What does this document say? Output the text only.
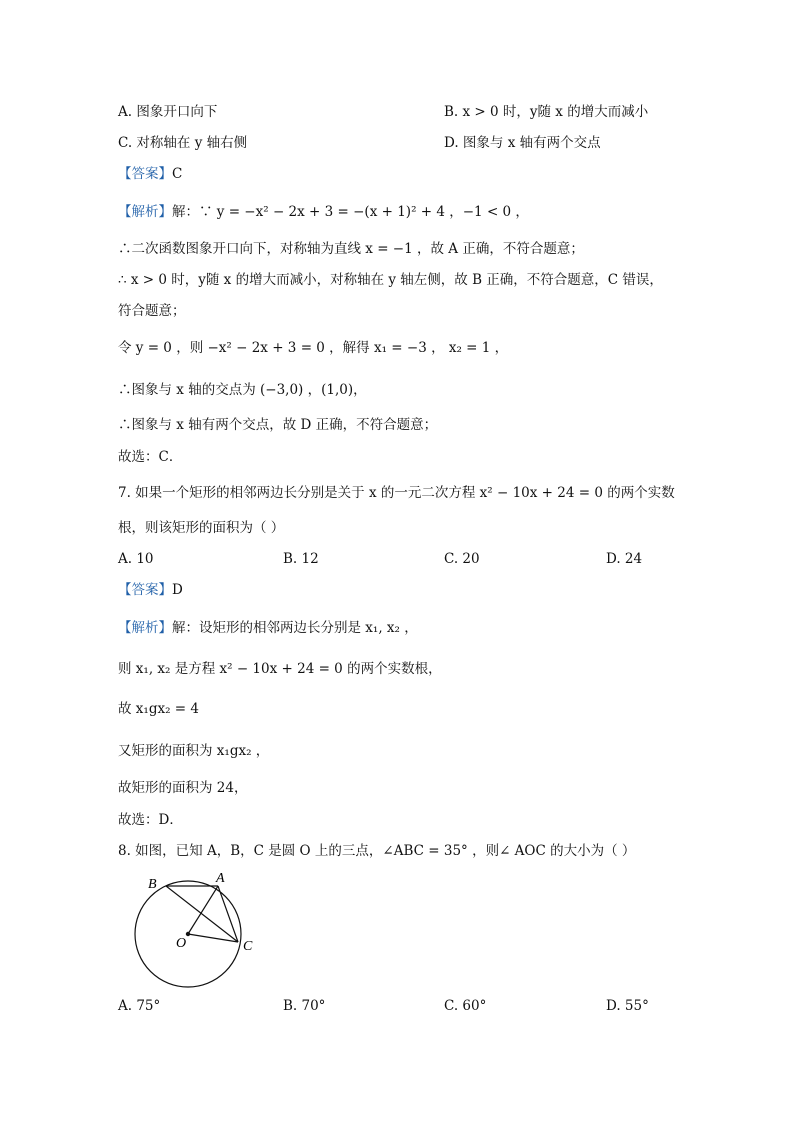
A. 图象开口向下	B. x > 0 时，y随 x 的增大而减小
C. 对称轴在 y 轴右侧	D. 图象与 x 轴有两个交点
【答案】C
【解析】解：∵ y = −x² − 2x + 3 = −(x + 1)² + 4 ，−1 < 0 ，
∴二次函数图象开口向下，对称轴为直线 x = −1 ，故 A 正确，不符合题意；
∴ x > 0 时，y随 x 的增大而减小，对称轴在 y 轴左侧，故 B 正确，不符合题意，C 错误，
符合题意；
令 y = 0 ，则 −x² − 2x + 3 = 0 ，解得 x₁ = −3 ， x₂ = 1 ，
∴图象与 x 轴的交点为 (−3,0) ，(1,0)，
∴图象与 x 轴有两个交点，故 D 正确，不符合题意；
故选：C．
7. 如果一个矩形的相邻两边长分别是关于 x 的一元二次方程 x² − 10x + 24 = 0 的两个实数
根，则该矩形的面积为（ ）
A. 10	B. 12	C. 20	D. 24
【答案】D
【解析】解：设矩形的相邻两边长分别是 x₁, x₂ ，
则 x₁, x₂ 是方程 x² − 10x + 24 = 0 的两个实数根，
故 x₁gx₂ = 4
又矩形的面积为 x₁gx₂ ，
故矩形的面积为 24，
故选：D．
8. 如图，已知 A，B，C 是圆 O 上的三点，∠ABC = 35° ，则∠ AOC 的大小为（ ）
B	A
C
O
A. 75°	B. 70°	C. 60°	D. 55°
